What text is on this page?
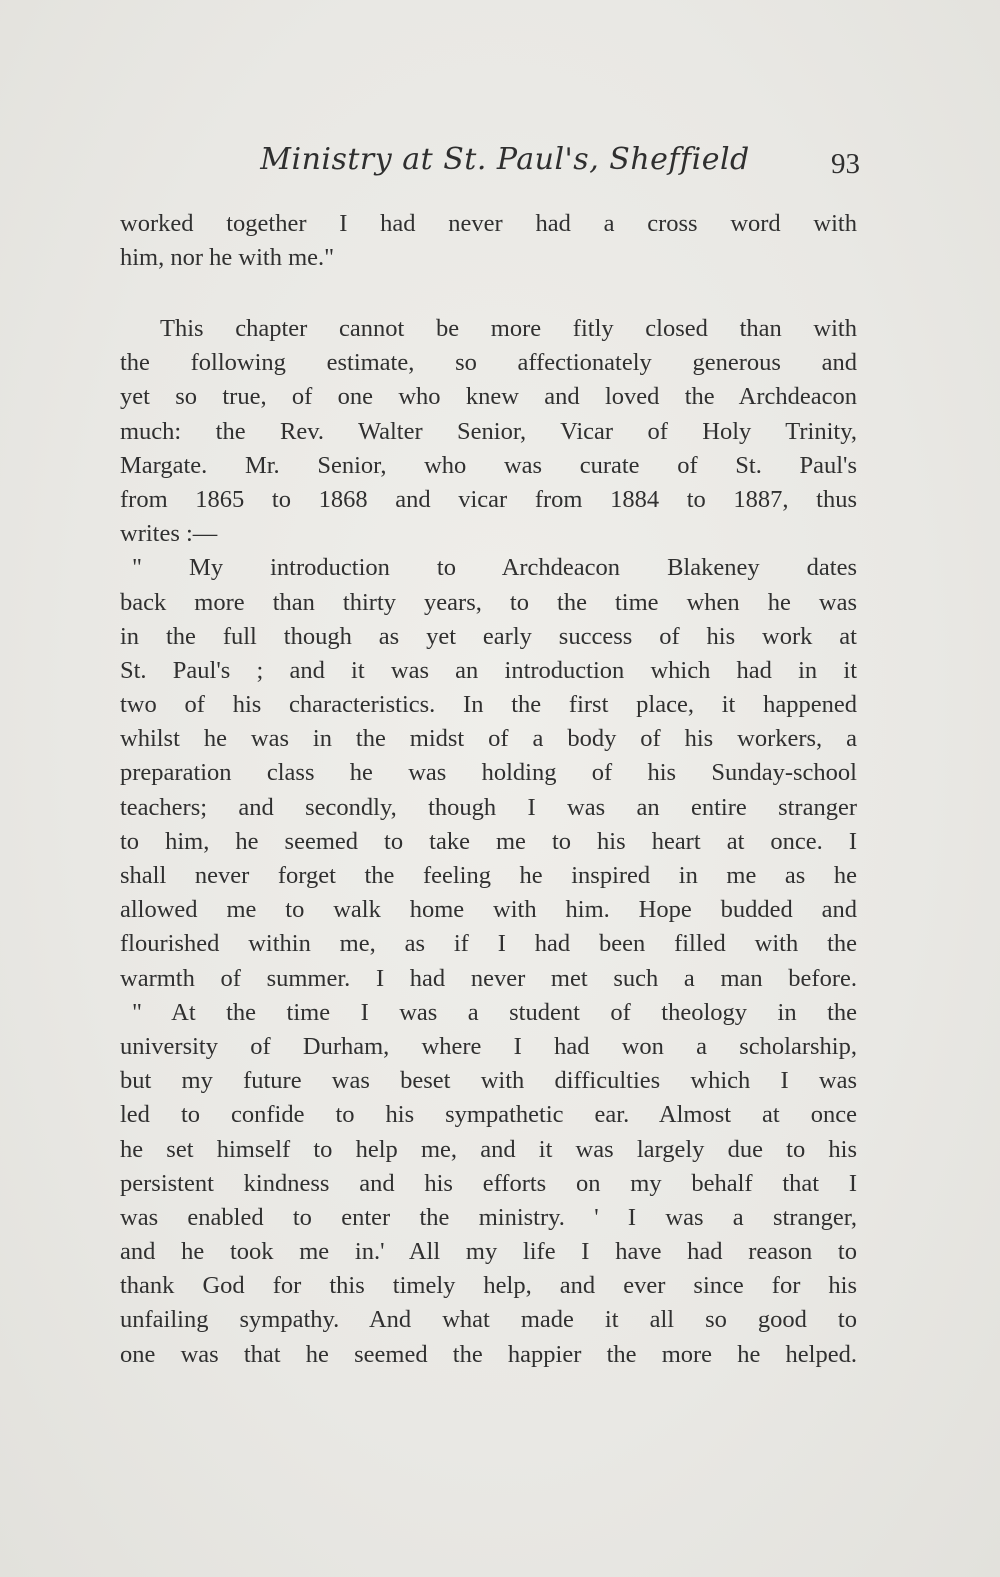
Ministry at St. Paul's, Sheffield	93
worked together I had never had a cross word with
him, nor he with me."
This chapter cannot be more fitly closed than with
the following estimate, so affectionately generous and
yet so true, of one who knew and loved the Archdeacon
much: the Rev. Walter Senior, Vicar of Holy Trinity,
Margate. Mr. Senior, who was curate of St. Paul's
from 1865 to 1868 and vicar from 1884 to 1887, thus
writes :—
" My introduction to Archdeacon Blakeney dates
back more than thirty years, to the time when he was
in the full though as yet early success of his work at
St. Paul's ; and it was an introduction which had in it
two of his characteristics. In the first place, it happened
whilst he was in the midst of a body of his workers, a
preparation class he was holding of his Sunday-school
teachers; and secondly, though I was an entire stranger
to him, he seemed to take me to his heart at once. I
shall never forget the feeling he inspired in me as he
allowed me to walk home with him. Hope budded and
flourished within me, as if I had been filled with the
warmth of summer. I had never met such a man before.
" At the time I was a student of theology in the
university of Durham, where I had won a scholarship,
but my future was beset with difficulties which I was
led to confide to his sympathetic ear. Almost at once
he set himself to help me, and it was largely due to his
persistent kindness and his efforts on my behalf that I
was enabled to enter the ministry. ' I was a stranger,
and he took me in.' All my life I have had reason to
thank God for this timely help, and ever since for his
unfailing sympathy. And what made it all so good to
one was that he seemed the happier the more he helped.
